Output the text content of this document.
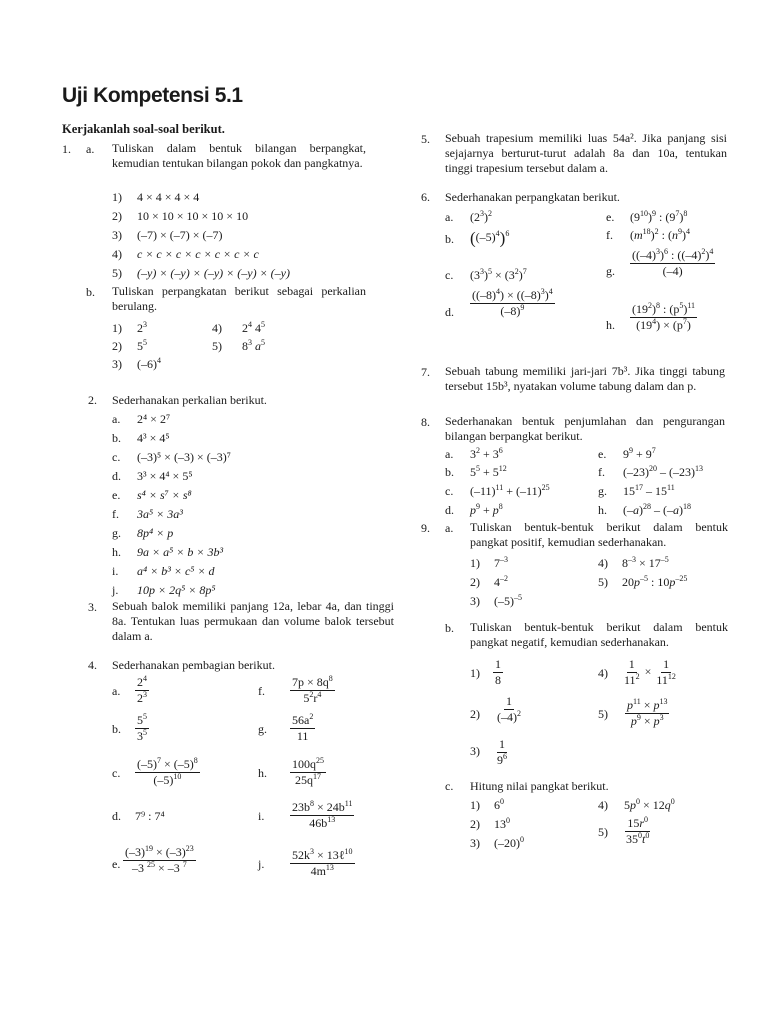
Uji Kompetensi 5.1
Kerjakanlah soal-soal berikut.
1. a. Tuliskan dalam bentuk bilangan berpangkat, kemudian tentukan bilangan pokok dan pangkatnya.
1) 4 × 4 × 4 × 4
2) 10 × 10 × 10 × 10 × 10
3) (–7) × (–7) × (–7)
4) c × c × c × c × c × c × c
5) (–y) × (–y) × (–y) × (–y) × (–y)
b. Tuliskan perpangkatan berikut sebagai perkalian berulang.
1) $2^3$
2) $5^5$
3) $(-6)^4$
4) $2^4$ $4^5$
5) $8^3$ $a^5$
2. Sederhanakan perkalian berikut.
a. 2⁴ × 2⁷
b. 4³ × 4⁵
c. (–3)⁵ × (–3) × (–3)⁷
d. 3³ × 4⁴ × 5⁵
e. s⁴ × s⁷ × s⁸
f. 3a⁵ × 3a³
g. 8p⁴ × p
h. 9a × a⁵ × b × 3b³
i. a⁴ × b³ × c⁵ × d
j. 10p × 2q⁵ × 8p⁵
3. Sebuah balok memiliki panjang 12a, lebar 4a, dan tinggi 8a. Tentukan luas permukaan dan volume balok tersebut dalam a.
4. Sederhanakan pembagian berikut.
a. $\frac{2^4}{2^3}$
b. $\frac{5^5}{3^5}$
c. $\frac{(-5)^7 \times (-5)^8}{(-5)^{10}}$
d. 7⁹ : 7⁴
e. $\frac{(-3)^{19} \times (-3)^{23}}{-3 ^{25} \times -3 ^7}$
f. $\frac{7p \times 8q^8}{5^2r^4}$
g. $\frac{56a^2}{11}$
h. $\frac{100q^{25}}{25q^{17}}$
i. $\frac{23b^8 \times 24b^{11}}{46b^{13}}$
j. $\frac{52k^3 \times 13\ell^{10}}{4m^{13}}$
5. Sebuah trapesium memiliki luas 54a². Jika panjang sisi sejajarnya berturut-turut adalah 8a dan 10a, tentukan tinggi trapesium tersebut dalam a.
6. Sederhanakan perpangkatan berikut.
a. $(2^3)^2$
b. $((-5)^4)^6$
c. $(3^3)^5 \times (3^2)^7$
d. $\frac{((-8)^4) \times ((-8)^3)^4}{(-8)^9}$
e. $(9^{10})^9$ : $(9^7)^8$
f. $(m^{18})^2$ : $(n^9)^4$
g. $\frac{((-4)^3)^6 : ((-4)^2)^4}{(-4)}$
h. $\frac{(19^2)^8 : (p^5)^{11}}{(19^4) \times (p^7)}$
7. Sebuah tabung memiliki jari-jari 7b³. Jika tinggi tabung tersebut 15b³, nyatakan volume tabung dalam dan p.
8. Sederhanakan bentuk penjumlahan dan pengurangan bilangan berpangkat berikut.
a. $3^2 + 3^6$
b. $5^5 + 5^{12}$
c. $(-11)^{11} + (-11)^{25}$
d. $p^9 + p^8$
e. $9^9 + 9^7$
f. $(-23)^{20} - (-23)^{13}$
g. $15^{17} - 15^{11}$
h. $(-a)^{28} - (-a)^{18}$
9. a. Tuliskan bentuk-bentuk berikut dalam bentuk pangkat positif, kemudian sederhanakan.
1) $7^{-3}$
2) $4^{-2}$
3) $(-5)^{-5}$
4) $8^{-3} \times 17^{-5}$
5) $20p^{-5}$ : $10p^{-25}$
b. Tuliskan bentuk-bentuk berikut dalam bentuk pangkat negatif, kemudian sederhanakan.
$1) \frac{1}{8}$
$2) \frac{1}{(-4)^2}$
$3) \frac{1}{9^6}$
$4) \frac{1}{11^2} \times \frac{1}{11^{12}}$
$5) \frac{p^{11} \times p^{13}}{p^9 \times p^3}$
c. Hitung nilai pangkat berikut.
1) $6^0$
2) $13^0$
3) $(-20)^0$
4) $5p^0 \times 12q^0$
$5) \frac{15r^0}{35^0t^0}$
